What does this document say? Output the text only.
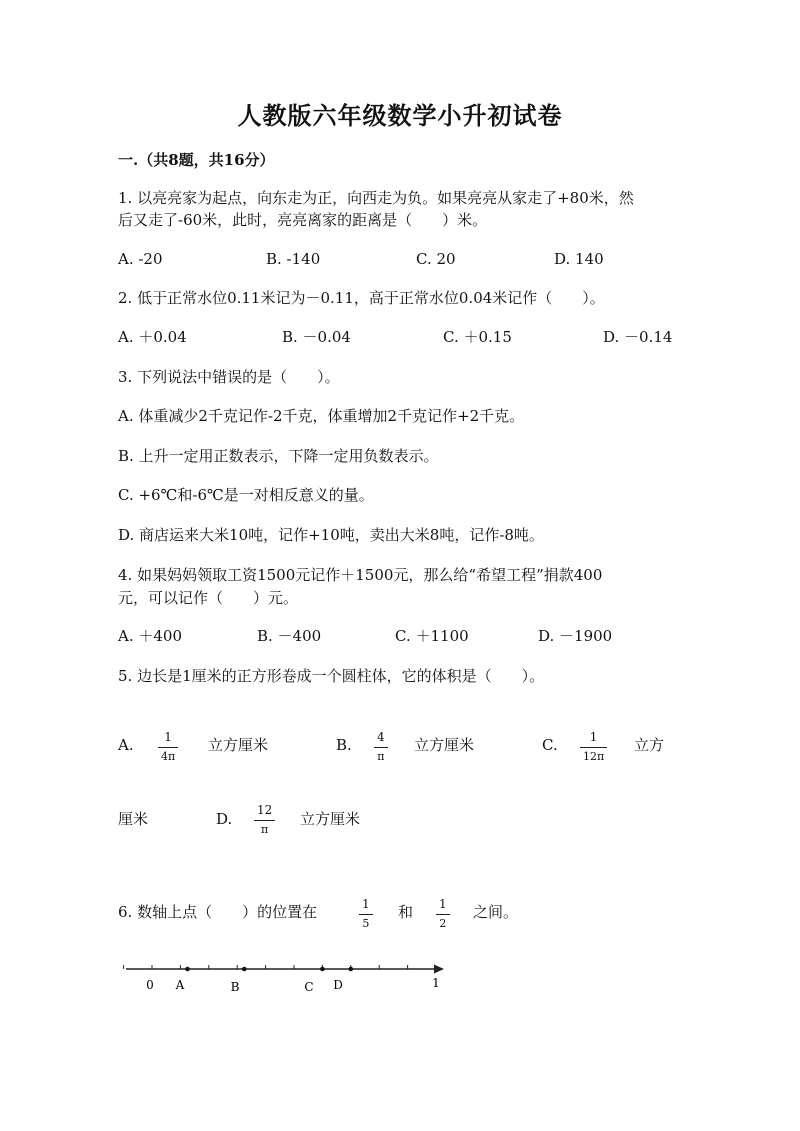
人教版六年级数学小升初试卷
一.（共8题，共16分）
1. 以亮亮家为起点，向东走为正，向西走为负。如果亮亮从家走了+80米，然
后又走了-60米，此时，亮亮离家的距离是（　　）米。
A. -20	B. -140	C. 20	D. 140
2. 低于正常水位0.11米记为－0.11，高于正常水位0.04米记作（　　）。
A. ＋0.04	B. －0.04	C. ＋0.15	D. －0.14
3. 下列说法中错误的是（　　）。
A. 体重减少2千克记作-2千克，体重增加2千克记作+2千克。
B. 上升一定用正数表示，下降一定用负数表示。
C. +6℃和-6℃是一对相反意义的量。
D. 商店运来大米10吨，记作+10吨，卖出大米8吨，记作-8吨。
4. 如果妈妈领取工资1500元记作＋1500元，那么给“希望工程”捐款400
元，可以记作（　　）元。
A. ＋400	B. －400	C. ＋1100	D. －1900
5. 边长是1厘米的正方形卷成一个圆柱体，它的体积是（　　）。
A.	1
4π
立方厘米	B. 4
π
立方厘米	C.	1
12π
立方
厘米	D. 12
π
立方厘米
6. 数轴上点（　　）的位置在	1
5
和 1
2
之间。
0 A	B	C D	1
